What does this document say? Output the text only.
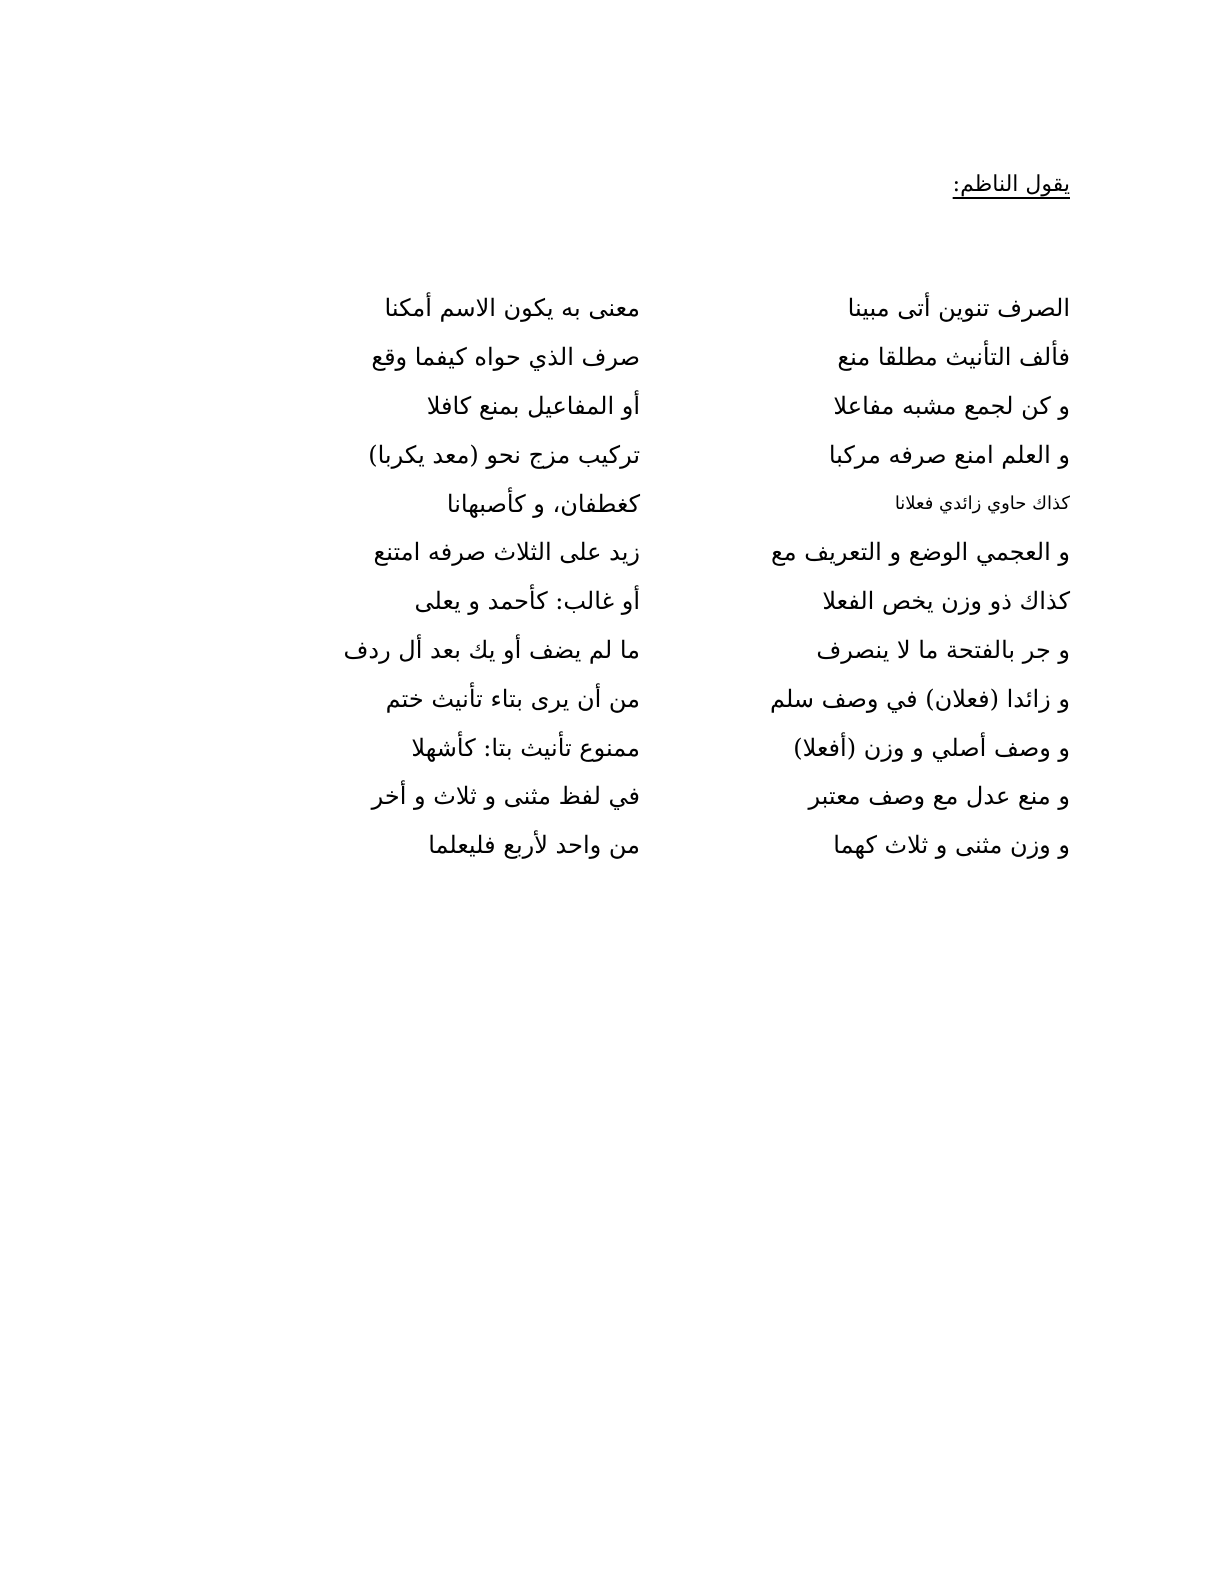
يقول الناظم:
الصرف تنوين أتى مبينا
معنى به يكون الاسم أمكنا
فألف التأنيث مطلقا منع
صرف الذي حواه كيفما وقع
و كن لجمع مشبه مفاعلا
أو المفاعيل بمنع كافلا
و العلم امنع صرفه مركبا
تركيب مزج نحو (معد يكربا)
كذاك حاوي زائدي فعلانا
كغطفان، و كأصبهانا
و العجمي الوضع و التعريف مع
زيد على الثلاث صرفه امتنع
كذاك ذو وزن يخص الفعلا
أو غالب: كأحمد و يعلى
و جر بالفتحة ما لا ينصرف
ما لم يضف أو يك بعد أل ردف
و زائدا (فعلان) في وصف سلم
من أن يرى بتاء تأنيث ختم
و وصف أصلي و وزن (أفعلا)
ممنوع تأنيث بتا: كأشهلا
و منع عدل مع وصف معتبر
في لفظ مثنى و ثلاث و أخر
و وزن مثنى و ثلاث كهما
من واحد لأربع فليعلما
